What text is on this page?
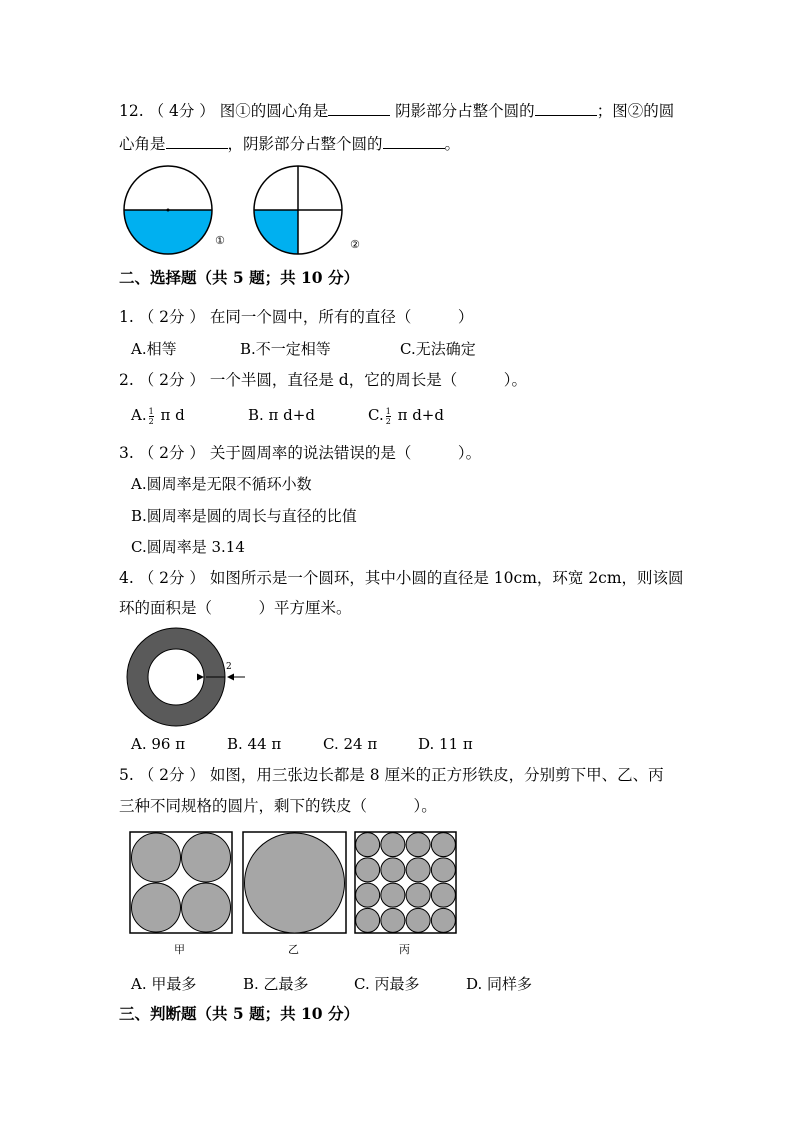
12. （ 4分 ） 图①的圆心角是	阴影部分占整个圆的	；图②的圆
心角是	，阴影部分占整个圆的	。
①	②
二、选择题（共 5 题；共 10 分）
1. （ 2分 ） 在同一个圆中，所有的直径（　　　）
A.相等	B.不一定相等	C.无法确定
2. （ 2分 ） 一个半圆，直径是 d，它的周长是（　　　）。
A. $\frac{1}{2}$ π d	B. π d+d	C. $\frac{1}{2}$ π d+d
3. （ 2分 ） 关于圆周率的说法错误的是（　　　）。
A.圆周率是无限不循环小数
B.圆周率是圆的周长与直径的比值
C.圆周率是 3.14
4. （ 2分 ） 如图所示是一个圆环，其中小圆的直径是 10cm，环宽 2cm，则该圆
环的面积是（　　　）平方厘米。
2
A. 96 π	B. 44 π	C. 24 π	D. 11 π
5. （ 2分 ） 如图，用三张边长都是 8 厘米的正方形铁皮，分别剪下甲、乙、丙
三种不同规格的圆片，剩下的铁皮（　　　）。
甲	乙	丙
A. 甲最多	B. 乙最多	C. 丙最多	D. 同样多
三、判断题（共 5 题；共 10 分）
